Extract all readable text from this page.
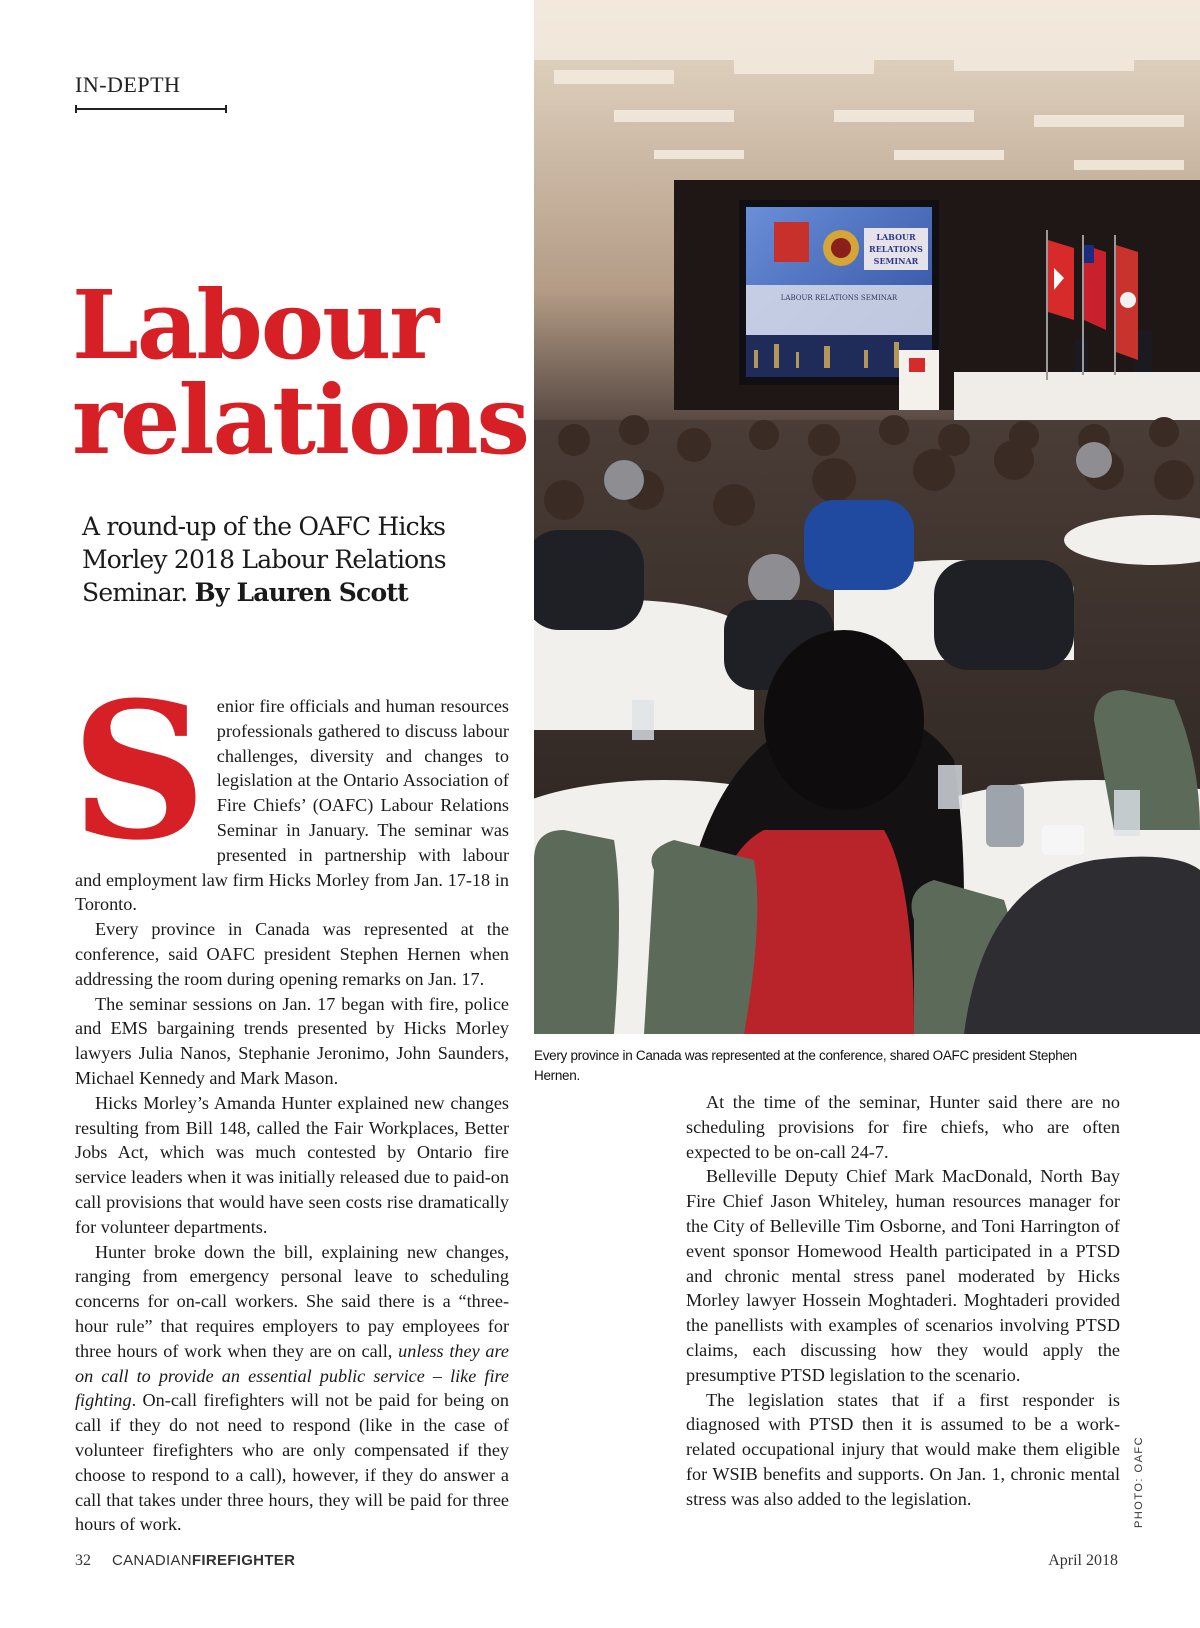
IN-DEPTH
LABOUR
RELATIONS
SEMINAR
LABOUR RELATIONS SEMINAR
Labour
relations
A round-up of the OAFC Hicks Morley 2018 Labour Relations Seminar. By Lauren Scott
S enior fire officials and human resources professionals gathered to discuss labour challenges, diversity and changes to legislation at the Ontario Association of Fire Chiefs’ (OAFC) Labour Relations Seminar in January. The seminar was presented in partnership with labour and employment law firm Hicks Morley from Jan. 17-18 in Toronto.

Every province in Canada was represented at the conference, said OAFC president Stephen Hernen when addressing the room during opening remarks on Jan. 17.

The seminar sessions on Jan. 17 began with fire, police and EMS bargaining trends presented by Hicks Morley lawyers Julia Nanos, Stephanie Jeronimo, John Saunders, Michael Kennedy and Mark Mason.

Hicks Morley’s Amanda Hunter explained new changes resulting from Bill 148, called the Fair Workplaces, Better Jobs Act, which was much contested by Ontario fire service leaders when it was initially released due to paid-on call provisions that would have seen costs rise dramatically for volunteer departments.

Hunter broke down the bill, explaining new changes, ranging from emergency personal leave to scheduling concerns for on-call workers. She said there is a “three-hour rule” that requires employers to pay employees for three hours of work when they are on call, unless they are on call to provide an essential public service – like fire fighting. On-call firefighters will not be paid for being on call if they do not need to respond (like in the case of volunteer firefighters who are only compensated if they choose to respond to a call), however, if they do answer a call that takes under three hours, they will be paid for three hours of work.

Every province in Canada was represented at the conference, shared OAFC president Stephen Hernen.

At the time of the seminar, Hunter said there are no scheduling provisions for fire chiefs, who are often expected to be on-call 24-7.

Belleville Deputy Chief Mark MacDonald, North Bay Fire Chief Jason Whiteley, human resources manager for the City of Belleville Tim Osborne, and Toni Harrington of event sponsor Homewood Health participated in a PTSD and chronic mental stress panel moderated by Hicks Morley lawyer Hossein Moghtaderi. Moghtaderi provided the panellists with examples of scenarios involving PTSD claims, each discussing how they would apply the presumptive PTSD legislation to the scenario.

The legislation states that if a first responder is diagnosed with PTSD then it is assumed to be a work-related occupational injury that would make them eligible for WSIB benefits and supports. On Jan. 1, chronic mental stress was also added to the legislation.	PHOTO: OAFC
32 CANADIANFIREFIGHTER	April 2018
